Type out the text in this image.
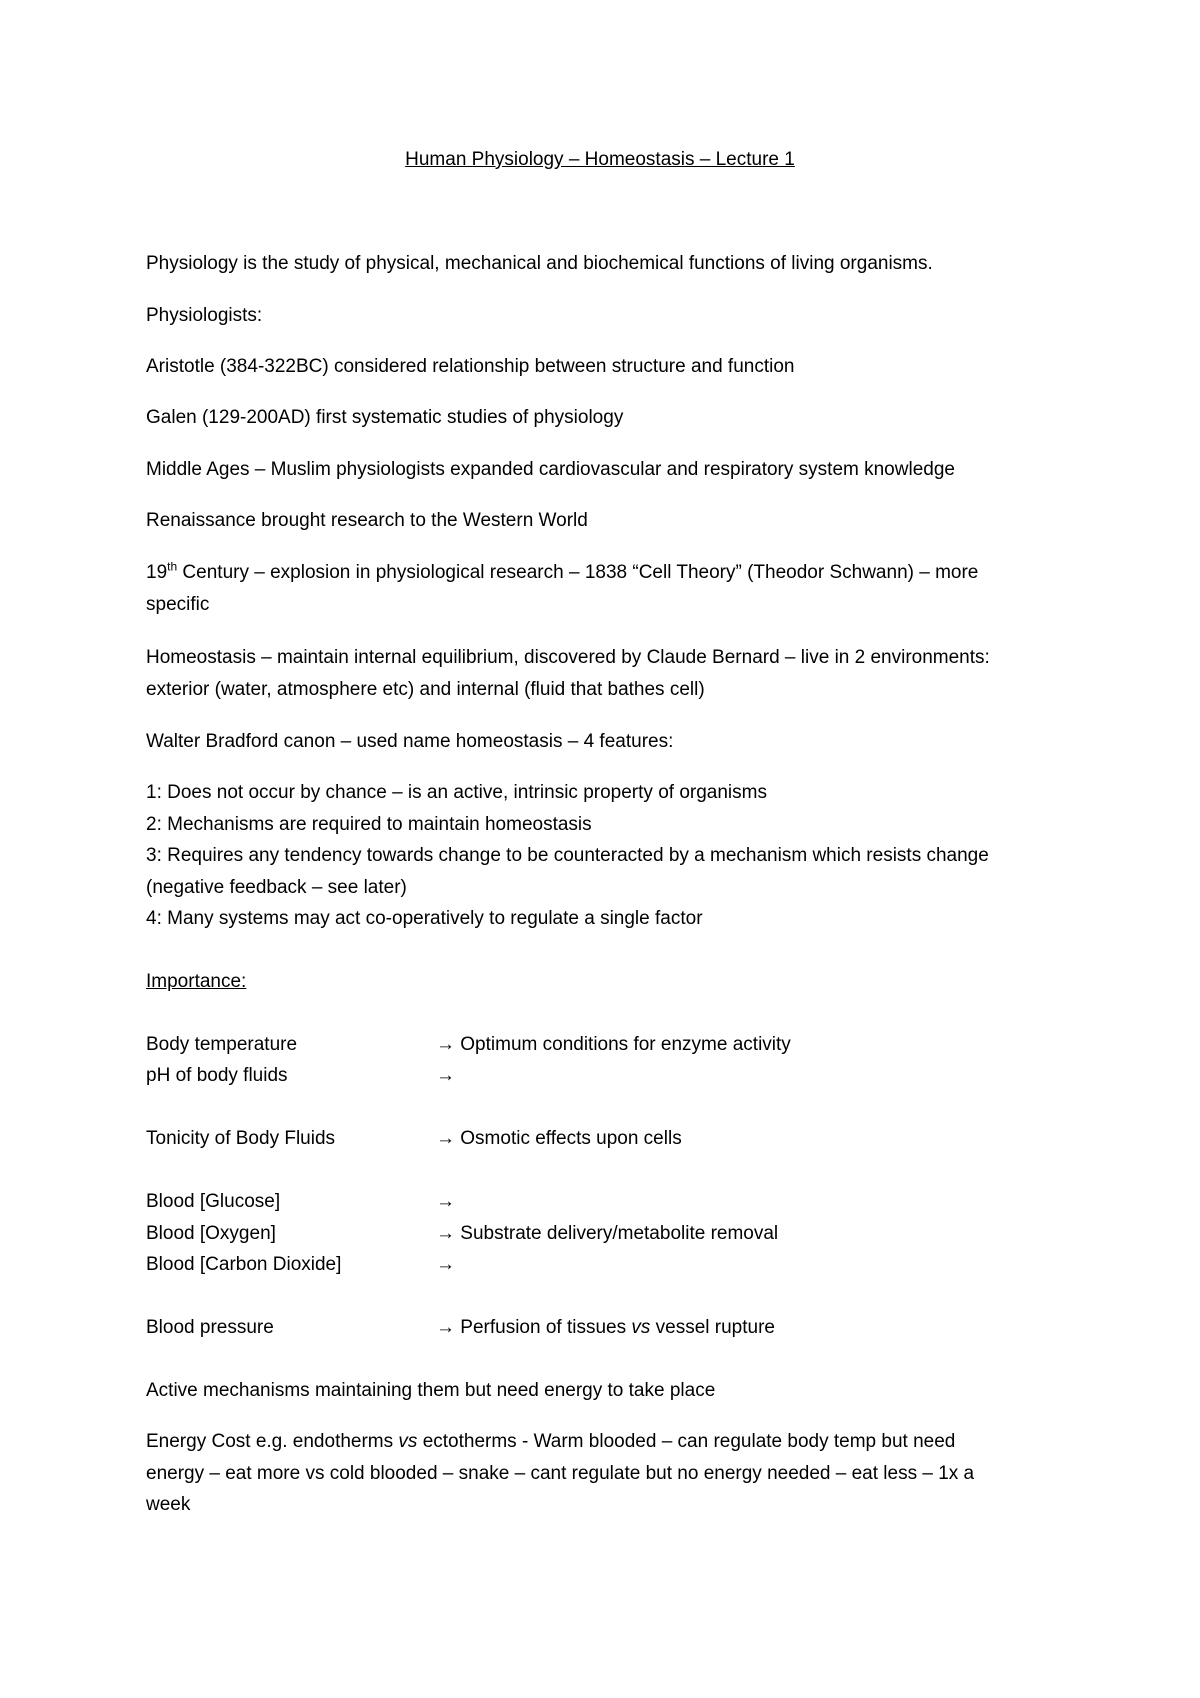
Human Physiology – Homeostasis – Lecture 1
Physiology is the study of physical, mechanical and biochemical functions of living organisms.
Physiologists:
Aristotle (384-322BC) considered relationship between structure and function
Galen (129-200AD) first systematic studies of physiology
Middle Ages – Muslim physiologists expanded cardiovascular and respiratory system knowledge
Renaissance brought research to the Western World
19th Century – explosion in physiological research – 1838 “Cell Theory” (Theodor Schwann) – more
specific
Homeostasis – maintain internal equilibrium, discovered by Claude Bernard – live in 2 environments:
exterior (water, atmosphere etc) and internal (fluid that bathes cell)
Walter Bradford canon – used name homeostasis – 4 features:
1: Does not occur by chance – is an active, intrinsic property of organisms
2: Mechanisms are required to maintain homeostasis
3: Requires any tendency towards change to be counteracted by a mechanism which resists change
(negative feedback – see later)
4: Many systems may act co-operatively to regulate a single factor
Importance:
Body temperature	→ Optimum conditions for enzyme activity
pH of body fluids	→
Tonicity of Body Fluids	→ Osmotic effects upon cells
Blood [Glucose]	→
Blood [Oxygen]	→ Substrate delivery/metabolite removal
Blood [Carbon Dioxide]	→
Blood pressure	→ Perfusion of tissues vs vessel rupture
Active mechanisms maintaining them but need energy to take place
Energy Cost e.g. endotherms vs ectotherms - Warm blooded – can regulate body temp but need
energy – eat more vs cold blooded – snake – cant regulate but no energy needed – eat less – 1x a
week
